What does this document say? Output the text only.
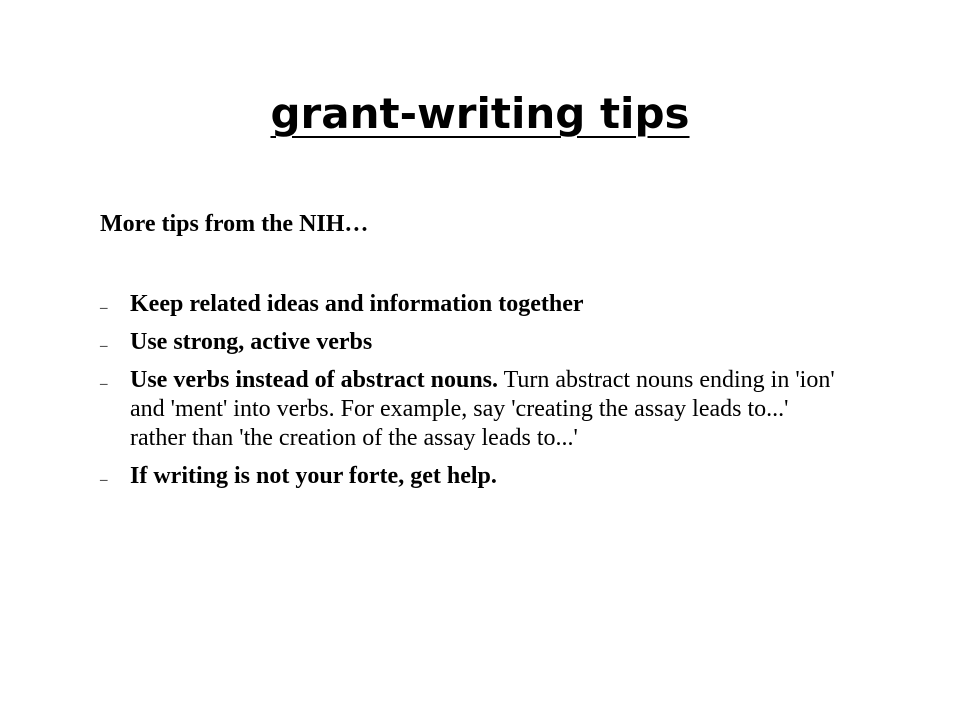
grant-writing tips

More tips from the NIH…

– Keep related ideas and information together
– Use strong, active verbs
– Use verbs instead of abstract nouns. Turn abstract nouns ending in 'ion' and 'ment' into verbs. For example, say 'creating the assay leads to...' rather than 'the creation of the assay leads to...'
– If writing is not your forte, get help.
